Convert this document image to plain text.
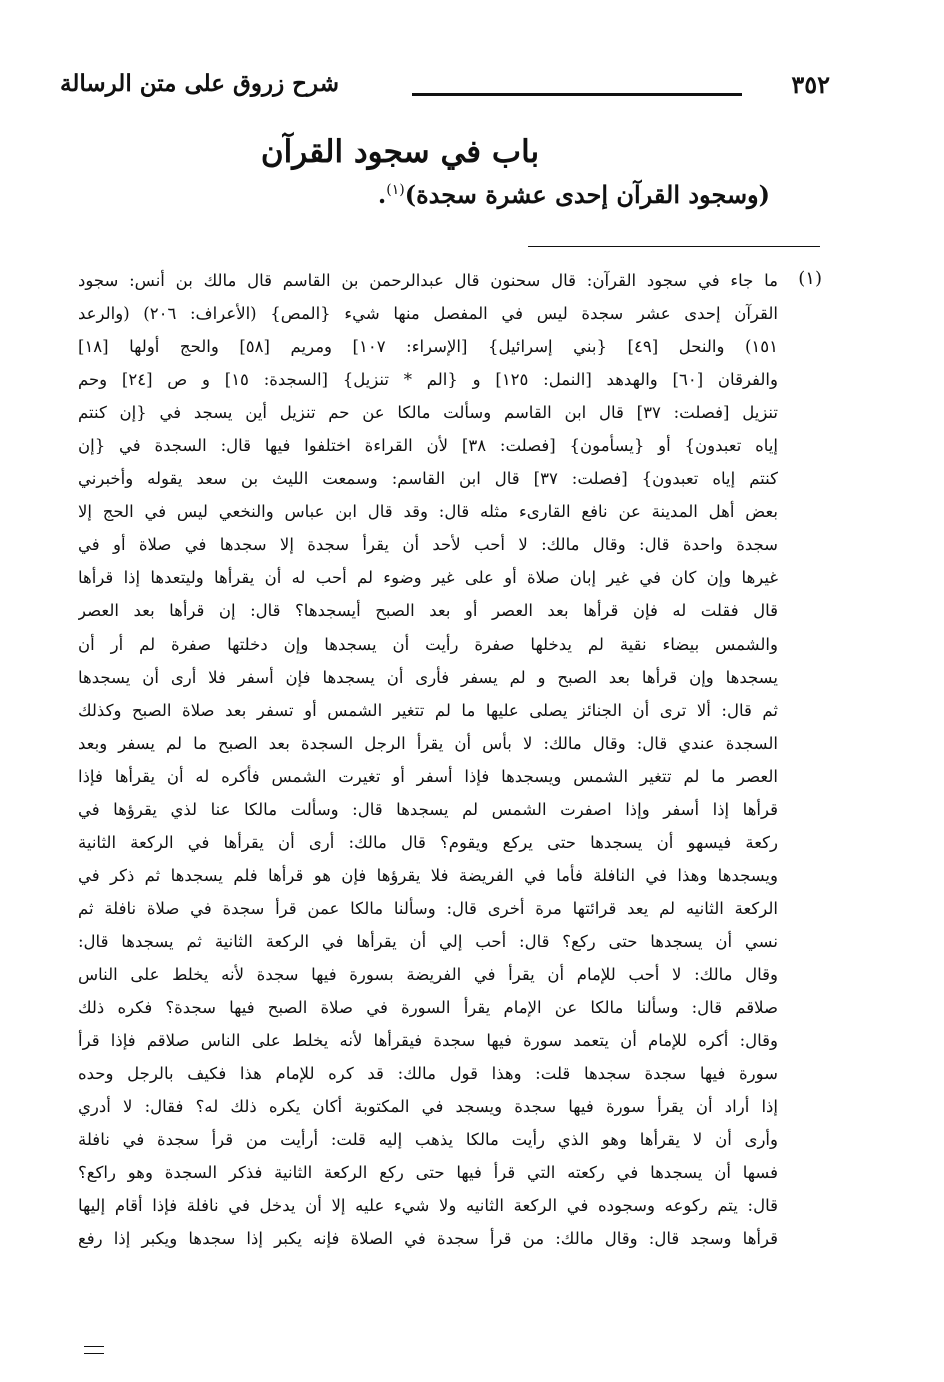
٣٥٢
شرح زروق على متن الرسالة
باب في سجود القرآن
(وسجود القرآن إحدى عشرة سجدة)$^{(١)}$.
(١)
ما جاء في سجود القرآن: قال سحنون قال عبدالرحمن بن القاسم قال مالك بن أنس: سجود
القرآن إحدى عشر سجدة ليس في المفصل منها شيء {المص} (الأعراف: ٢٠٦) (والرعد
١٥١) والنحل [٤٩] {بني إسرائيل} [الإسراء: ١٠٧] ومريم [٥٨] والحج أولها [١٨]
والفرقان [٦٠] والهدهد [النمل: ١٢٥] و {الم * تنزيل} [السجدة: ١٥] و ص [٢٤] وحم
تنزيل [فصلت: ٣٧] قال ابن القاسم وسألت مالكا عن حم تنزيل أين يسجد في {إن كنتم
إياه تعبدون} أو {يسأمون} [فصلت: ٣٨] لأن القراءة اختلفوا فيها قال: السجدة في {إن
كنتم إياه تعبدون} [فصلت: ٣٧] قال ابن القاسم: وسمعت الليث بن سعد يقوله وأخبرني
بعض أهل المدينة عن نافع القارىء مثله قال: وقد قال ابن عباس والنخعي ليس في الحج إلا
سجدة واحدة قال: وقال مالك: لا أحب لأحد أن يقرأ سجدة إلا سجدها في صلاة أو في
غيرها وإن كان في غير إبان صلاة أو على غير وضوء لم أحب له أن يقرأها وليتعدها إذا قرأها
قال فقلت له فإن قرأها بعد العصر أو بعد الصبح أيسجدها؟ قال: إن قرأها بعد العصر
والشمس بيضاء نقية لم يدخلها صفرة رأيت أن يسجدها وإن دخلتها صفرة لم أر أن
يسجدها وإن قرأها بعد الصبح و لم يسفر فأرى أن يسجدها فإن أسفر فلا أرى أن يسجدها
ثم قال: ألا ترى أن الجنائز يصلى عليها ما لم تتغير الشمس أو تسفر بعد صلاة الصبح وكذلك
السجدة عندي قال: وقال مالك: لا بأس أن يقرأ الرجل السجدة بعد الصبح ما لم يسفر وبعد
العصر ما لم تتغير الشمس ويسجدها فإذا أسفر أو تغيرت الشمس فأكره له أن يقرأها فإذا
قرأها إذا أسفر وإذا اصفرت الشمس لم يسجدها قال: وسألت مالكا عنا لذي يقرؤها في
ركعة فيسهو أن يسجدها حتى يركع ويقوم؟ قال مالك: أرى أن يقرأها في الركعة الثانية
ويسجدها وهذا في النافلة فأما في الفريضة فلا يقرؤها فإن هو قرأها فلم يسجدها ثم ذكر في
الركعة الثانيه لم يعد قرائتها مرة أخرى قال: وسألنا مالكا عمن قرأ سجدة في صلاة نافلة ثم
نسي أن يسجدها حتى ركع؟ قال: أحب إلي أن يقرأها في الركعة الثانية ثم يسجدها قال:
وقال مالك: لا أحب للإمام أن يقرأ في الفريضة بسورة فيها سجدة لأنه يخلط على الناس
صلاقم قال: وسألنا مالكا عن الإمام يقرأ السورة في صلاة الصبح فيها سجدة؟ فكره ذلك
وقال: أكره للإمام أن يتعمد سورة فيها سجدة فيقرأها لأنه يخلط على الناس صلاقم فإذا قرأ
سورة فيها سجدة سجدها قلت: وهذا قول مالك: قد كره للإمام هذا فكيف بالرجل وحده
إذا أراد أن يقرأ سورة فيها سجدة ويسجد في المكتوبة أكان يكره ذلك له؟ فقال: لا أدري
وأرى أن لا يقرأها وهو الذي رأيت مالكا يذهب إليه قلت: أرأيت من قرأ سجدة في نافلة
فسها أن يسجدها في ركعته التي قرأ فيها حتى ركع الركعة الثانية فذكر السجدة وهو راكع؟
قال: يتم ركوعه وسجوده في الركعة الثانيه ولا شيء عليه إلا أن يدخل في نافلة فإذا أقام إليها
قرأها وسجد قال: وقال مالك: من قرأ سجدة في الصلاة فإنه يكبر إذا سجدها ويكبر إذا رفع
